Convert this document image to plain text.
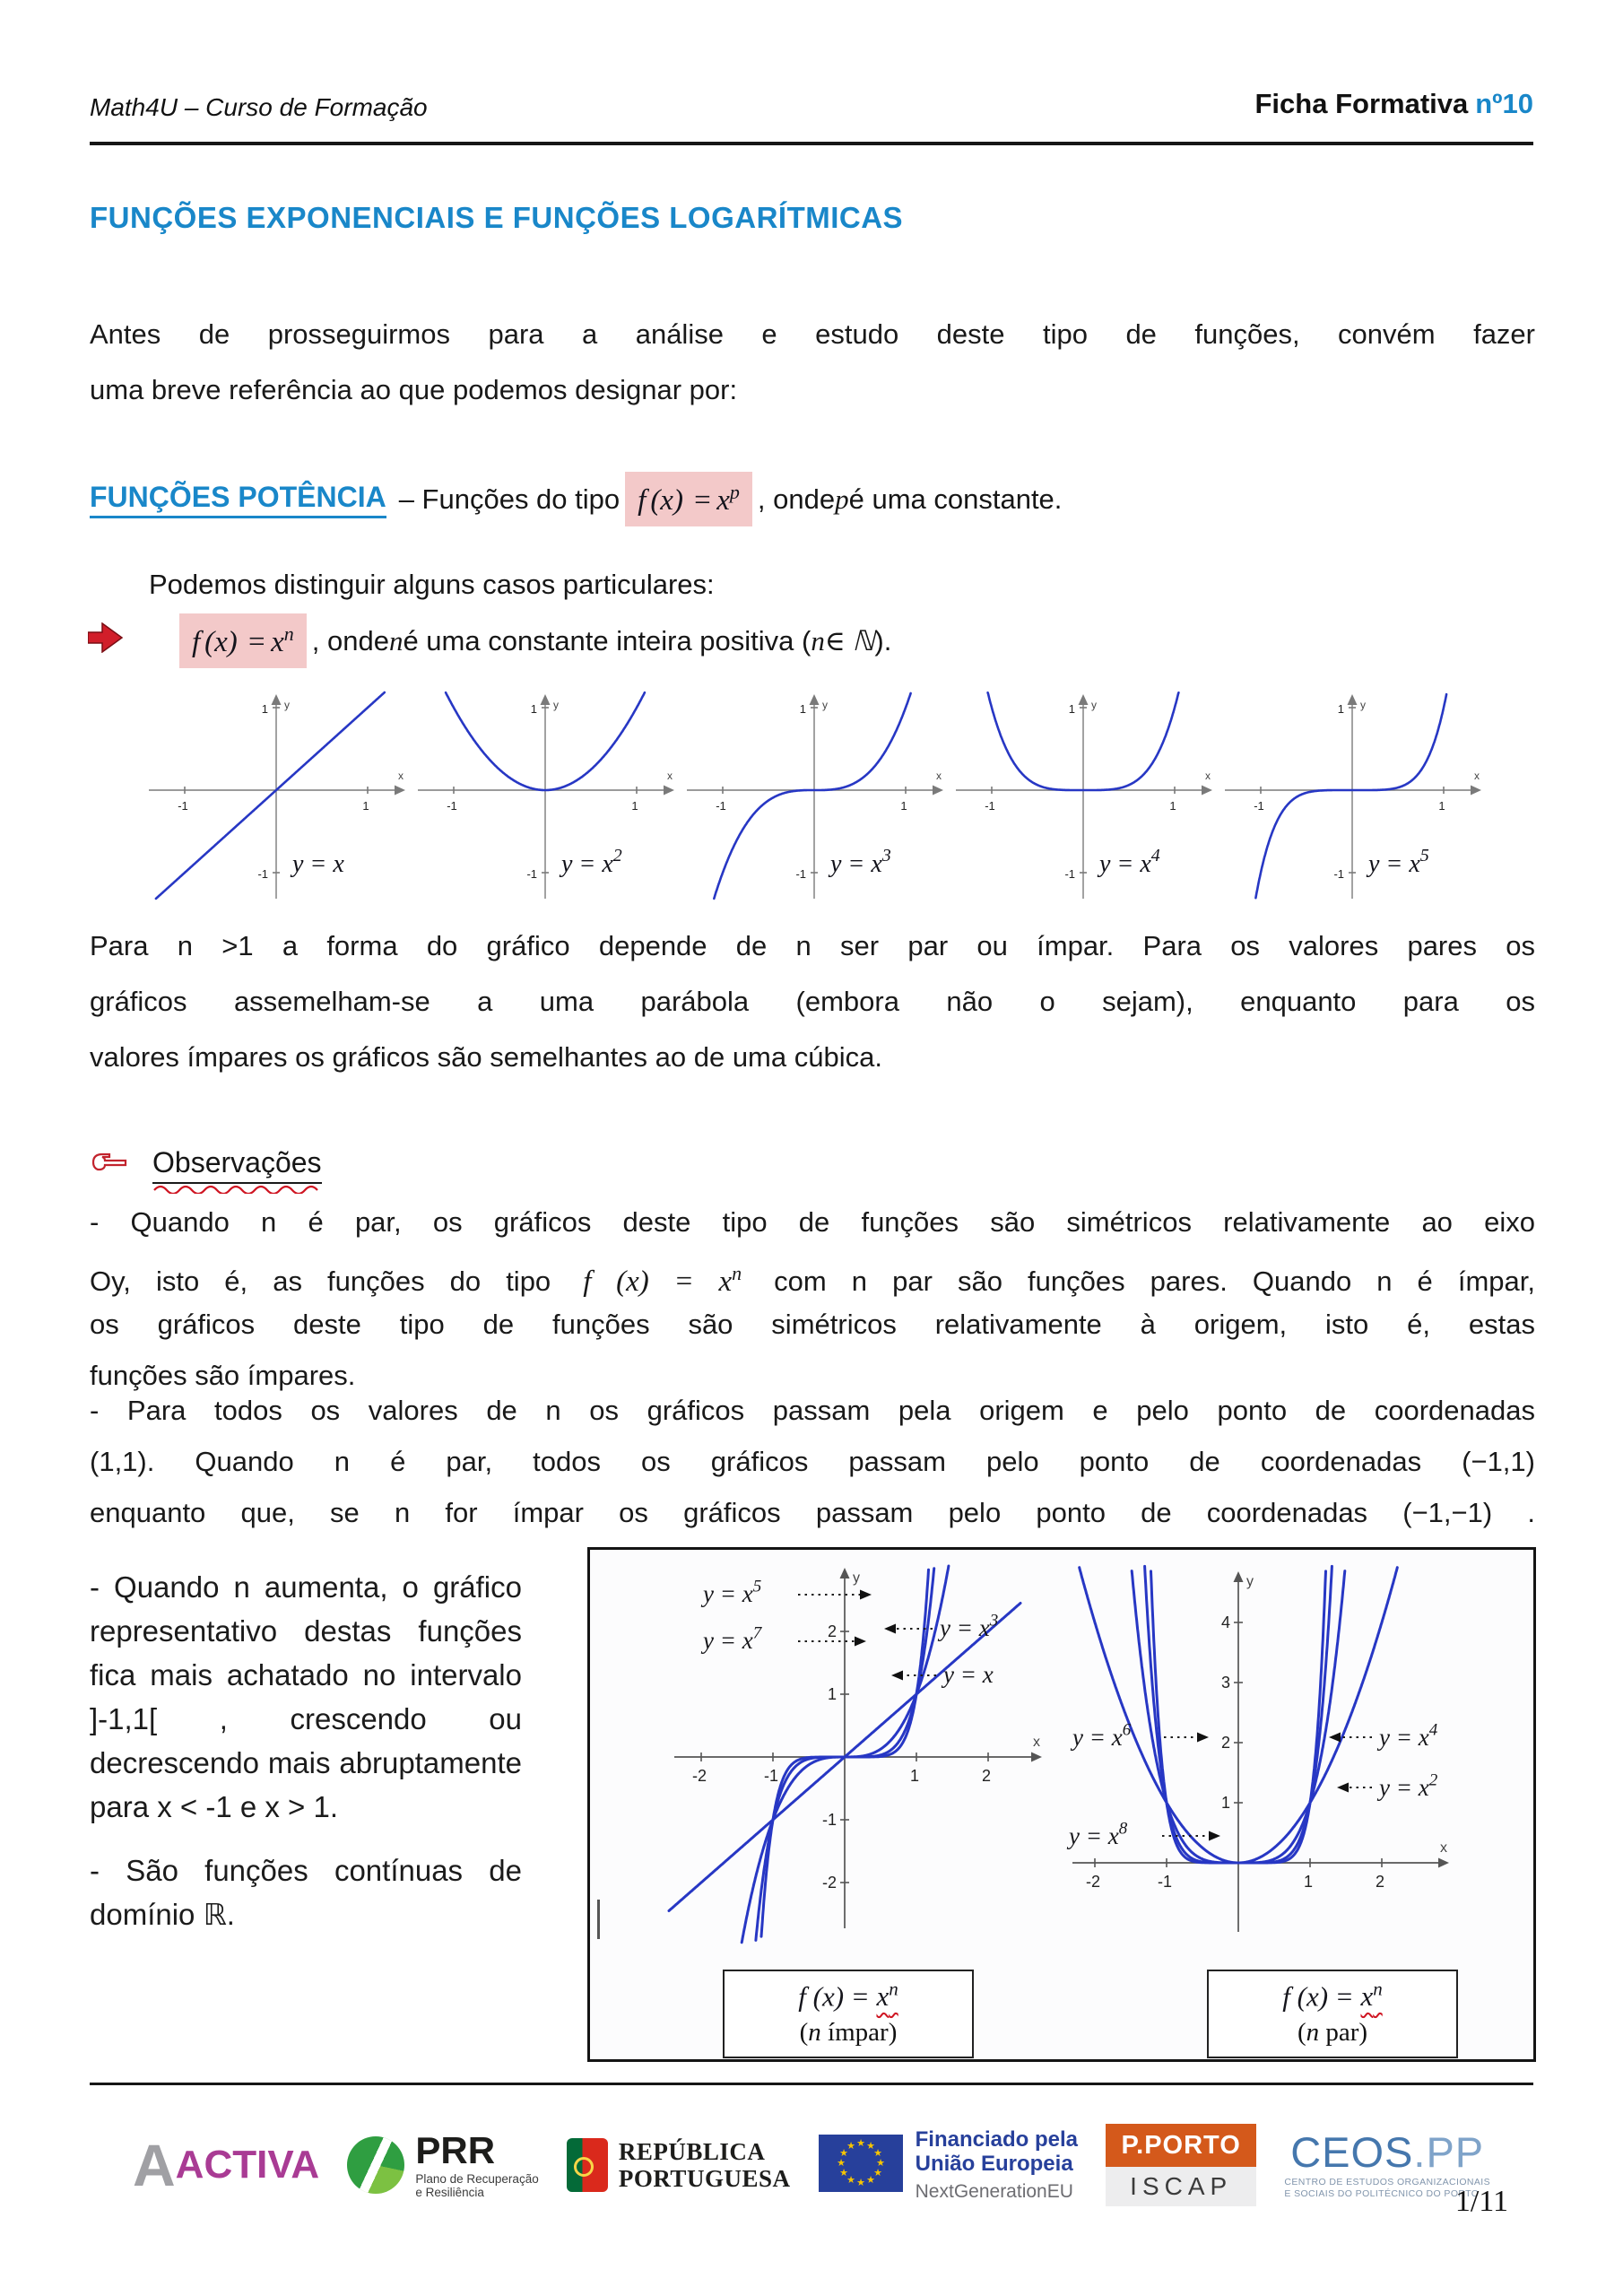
Math4U – Curso de Formação	Ficha Formativa nº10
FUNÇÕES EXPONENCIAIS E FUNÇÕES LOGARÍTMICAS
Antes de prosseguirmos para a análise e estudo deste tipo de funções, convém fazer
uma breve referência ao que podemos designar por:
FUNÇÕES POTÊNCIA – Funções do tipo f $(x) = x^p$ , onde p é uma constante.
Podemos distinguir alguns casos particulares:
f $(x) = x^n$ , onde n é uma constante inteira positiva ( n ∈ ℕ ).
x
y
-1	1
1
-1 y = x
x
y
-1	1
1
-1 $y = x^2$
x
y
-1	1
1
-1 $y = x^3$
x
y
-1	1
1
-1 $y = x^4$
x
y
-1	1
1
-1 $y = x^5$
Para n >1 a forma do gráfico depende de n ser par ou ímpar. Para os valores pares os
gráficos assemelham-se a uma parábola (embora não o sejam), enquanto para os
valores ímpares os gráficos são semelhantes ao de uma cúbica.
Observações
- Quando n é par, os gráficos deste tipo de funções são simétricos relativamente ao eixo
Oy, isto é, as funções do tipo f $(x) = x^n$ com n par são funções pares. Quando n é ímpar,
os gráficos deste tipo de funções são simétricos relativamente à origem, isto é, estas
funções são ímpares.
- Para todos os valores de n os gráficos passam pela origem e pelo ponto de coordenadas
(1,1). Quando n é par, todos os gráficos passam pelo ponto de coordenadas (−1,1)
enquanto que, se n for ímpar os gráficos passam pelo ponto de coordenadas (−1,−1) .
- Quando n aumenta, o gráfico representativo destas funções fica mais achatado no intervalo ]-1,1[ , crescendo ou decrescendo mais abruptamente para x < -1 e x > 1.
- São funções contínuas de domínio ℝ.
x
y
-2	-1	1	2
2
1
-1
-2
$y = x^5$
$y = x^7$	$y = x^3$
y = x
x
y
-2	-1	1	2
1
2
3
4
$y = x^6$
$y = x^8$
$y = x^4$
$y = x^2$
f $(x) = x^n$
(n ímpar)
f $(x) = x^n$
(n par)
A ACTIVA	PRR
Plano de Recuperação
e Resiliência
REPÚBLICA
PORTUGUESA
★ ★
★
★
★
★
★
★
★
★
★
★	Financiado pela
União Europeia
NextGenerationEU
P.PORTO
ISCAP
CEOS.PP
CENTRO DE ESTUDOS ORGANIZACIONAIS
E SOCIAIS DO POLITÉCNICO DO PORTO
1/11
